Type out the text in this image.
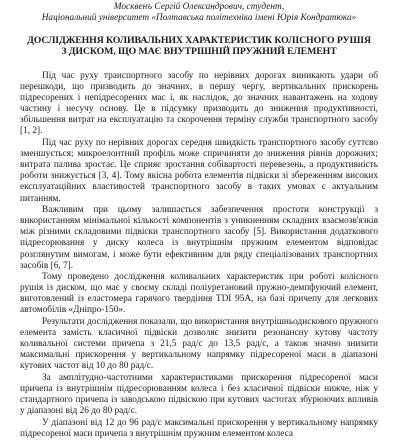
Москвенъ Сергій Олександрович, студент,

Національний університет «Полтавська політехніка імені Юрія Кондратюка»

ДОСЛІДЖЕННЯ КОЛИВАЛЬНИХ ХАРАКТЕРИСТИК КОЛІСНОГО РУШІЯ З ДИСКОМ, ЩО МАЄ ВНУТРІШНІЙ ПРУЖНИЙ ЕЛЕМЕНТ

Під час руху транспортного засобу по нерівних дорогах виникають удари об перешкоди, що призводить до значних, в першу чергу, вертикальних прискорень підресорених і непідресорених мас і, як наслідок, до значних навантажень на ходову частину і несучу основу. Це в підсумку призводить до зниження продуктивності, збільшення витрат на експлуатацію та скорочення терміну служби транспортного засобу [1, 2].

Під час руху по нерівних дорогах середня швидкість транспортного засобу суттєво зменшується; микроелонтний профіль може спричиняти до зниження рівнів дорожних; витрата палива зростає. Це сприяє зростання собівартості перевезень, а продуктивність роботи знижується [3, 4]. Тому якісна робота елементів підвіски зі збереженням високих експлуатаційних властивостей транспортного засобу в таких умовах є актуальним питанням.

Важливим при цьому залишається забезпечення простоти конструкції з використанням мінімальної кількості компонентів з уникненням складних взаємозв'язків між різними складовими підвіски транспортного засобу [5]. Використання додаткового підресорювання у диску колеса із внутрішнім пружним елементом відповідає розглянутим вимогам, і може бути ефективним для ряду спеціалізованих транспортних засобів [6, 7].

Тому проведено дослідження коливальних характеристик при роботі колісного рушія із диском, що має у своєму складі поліуретановий пружно-демпфуючий елемент, виготовлений із еластомера гарячого твердіння TDI 95A, на базі причепу для легкових автомобілів «Дніпро-150».

Результати дослідження показали, що використання внутрішньодискового пружного елемента замість класичної підвіски дозволяє знизити резонансну кутову частоту коливальної системи причепа з 21,5 рад/с до 13,5 рад/с, а також значно знизити максимальні прискорення у вертикальному напрямку підресореної маси в діапазоні кутових частот від 10 до 80 рад/с.

За амплітудно-частотними характеристиками прискорення підресореної маси причепа із внутрішнім підресорюванням колеса і без класичної підвіски нижче, ніж у стандартного причепа із заводською підвіскою при кутових частотах збурюючих впливів у діапазоні від 26 до 80 рад/с.

У діапазоні від 12 до 96 рад/с максимальні прискорення у вертикальному напрямку підресореної маси причепа з внутрішнім пружним елементом колеса
